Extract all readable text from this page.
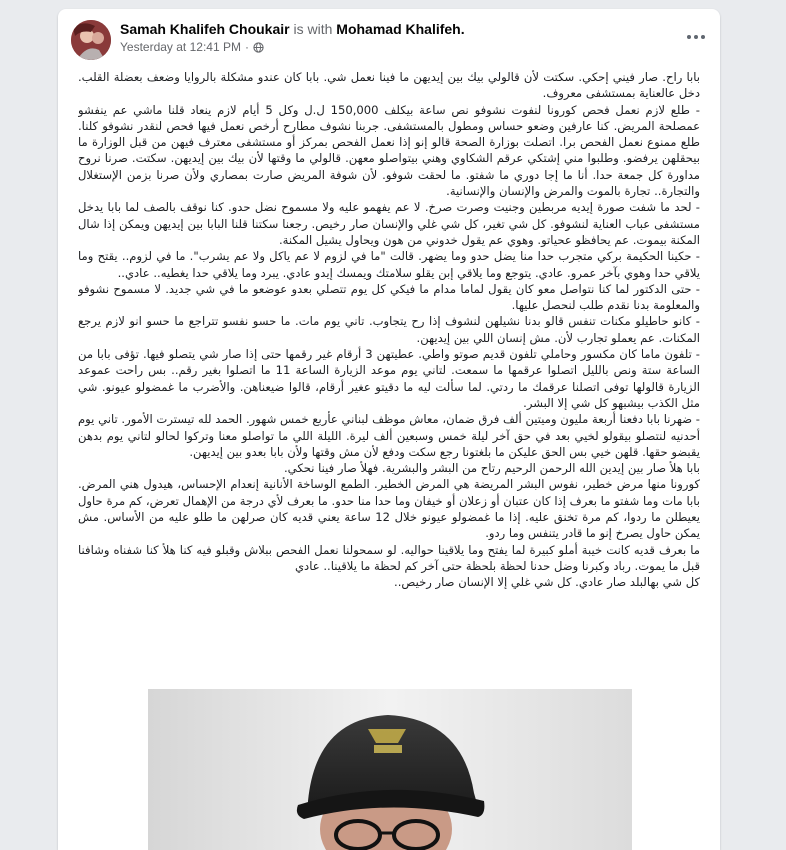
Samah Khalifeh Choukair is with Mohamad Khalifeh.
Yesterday at 12:41 PM ·

بابا راح. صار فيني إحكي. سكتت لأن قالولي بيك بين إيديهن ما فينا نعمل شي. بابا كان عندو مشكلة بالروايا وضعف بعضلة القلب. دخل عالعناية بمستشفى معروف.

- طلع لازم نعمل فحص كورونا لنفوت نشوفو نص ساعة بيكلف 150,000 ل.ل وكل 5 أيام لازم ينعاد قلنا ماشي عم ينفشو عمصلحة المريض. كنا عارفين وضعو حساس ومطول بالمستشفى. جربنا نشوف مطارح أرخص نعمل فيها فحص لنقدر نشوفو كلنا. طلع ممنوع نعمل الفحص برا. اتصلت بوزارة الصحة قالو إنو إذا نعمل الفحص بمركز أو مستشفى معترف فيهن من قبل الوزارة ما بيحقلهن يرفضو. وطلبوا مني إشتكي عرقم الشكاوي وهني بيتواصلو معهن. قالولي ما وقتها لأن بيك بين إيديهن. سكتت. صرنا نروح مداورة كل جمعة حدا. أنا ما إجا دوري ما شفتو. ما لحقت شوفو. لأن شوفة المريض صارت بمصاري ولأن صرنا بزمن الإستغلال والتجارة.. تجارة بالموت والمرض والإنسان والإنسانية.

- لحد ما شفت صورة إيديه مربطين وجنيت وصرت صرخ. لا عم يفهمو عليه ولا مسموح نضل حدو. كنا نوقف بالصف لما بابا يدخل مستشفى عباب العناية لنشوفو. كل شي تغير، كل شي غلي والإنسان صار رخيص. رجعنا سكتنا قلنا البابا بين إيديهن ويمكن إذا شال المكنة بيموت. عم يحافظو عحياتو. وهوي عم يقول خدوني من هون ويحاول يشيل المكنة.

- حكينا الحكيمة بركي متجرب حدا منا يضل حدو وما يضهر. قالت "ما في لزوم لا عم ياكل ولا عم يشرب". ما في لزوم.. يقتح وما يلاقي حدا وهوي بآخر عمرو. عادي. يتوجع وما يلاقي إبن يقلو سلامتك ويمسك إيدو عادي. يبرد وما يلاقي حدا يغطيه.. عادي..

- حتى الدكتور لما كنا نتواصل معو كان يقول لماما مدام ما فيكي كل يوم تتصلي بعدو عوضعو ما في شي جديد. لا مسموح نشوفو والمعلومة بدنا نقدم طلب لنحصل عليها.

- كانو حاطيلو مكنات تنفس قالو بدنا نشيلهن لنشوف إذا رح يتجاوب. تاني يوم مات. ما حسو نفسو تتراجع ما حسو انو لازم يرجع المكنات. عم يعملو تجارب لأن. مش إنسان اللي بين إيديهن.

- تلفون ماما كان مكسور وحاملي تلفون قديم صوتو واطي. عطيتهن 3 أرقام غير رقمها حتى إذا صار شي يتصلو فيها. تؤفى بابا من الساعة ستة ونص بالليل اتصلوا عرقمها ما سمعت. لتاني يوم موعد الزيارة الساعة 11 ما اتصلوا بغير رقم.. بس راحت عموعد الزيارة قالولها توفى اتصلنا عرقمك ما ردتي. لما سألت ليه ما دقيتو عغير أرقام، قالوا ضيعناهن. والأضرب ما غمضولو عيونو. شي مثل الكذب بيشبهو كل شي إلا البشر.

- ضهرنا بابا دفعنا أربعة مليون وميتين ألف فرق ضمان، معاش موظف لبناني عأربع خمس شهور. الحمد لله تيسترت الأمور. تاني يوم أحدنيه لنتصلو بيقولو لخيي بعد في حق آخر ليلة خمس وسبعين ألف ليرة. الليلة اللي ما تواصلو معنا وتركوا لحالو لتاني يوم بدهن يقبضو حقها. قلهن خيي بس الحق عليكن ما بلغتونا رجع سكت ودفع لأن مش وقتها ولأن بابا بعدو بين إيديهن.

بابا هلأ صار بين إيدين الله الرحمن الرحيم رتاح من البشر والبشرية. فهلأ صار فينا نحكي.

كورونا منها مرض خطير، نفوس البشر المريضة هي المرض الخطير. الطمع الوساخة الأنانية إنعدام الإحساس، هيدول هني المرض. بابا مات وما شفتو ما بعرف إذا كان عتبان أو زعلان أو خيفان وما حدا منا حدو. ما بعرف لأي درجة من الإهمال تعرض، كم مرة حاول يعيطلن ما ردوا، كم مرة تخنق عليه. إذا ما غمضولو عيونو خلال 12 ساعة يعني قديه كان صرلهن ما طلو عليه من الأساس. مش يمكن حاول يصرخ إنو ما قادر يتنفس وما ردو.

ما بعرف قديه كانت خيبة أملو كبيرة لما يفتح وما يلاقينا حواليه. لو سمحولنا نعمل الفحص ببلاش وقبلو فيه كنا هلأ كنا شفناه وشافنا قبل ما يموت. رباد وكبرنا وضل حدنا لحظة بلحظة حتى آخر كم لحظة ما يلاقينا.. عادي

كل شي بهالبلد صار عادي. كل شي غلي إلا الإنسان صار رخيص..
